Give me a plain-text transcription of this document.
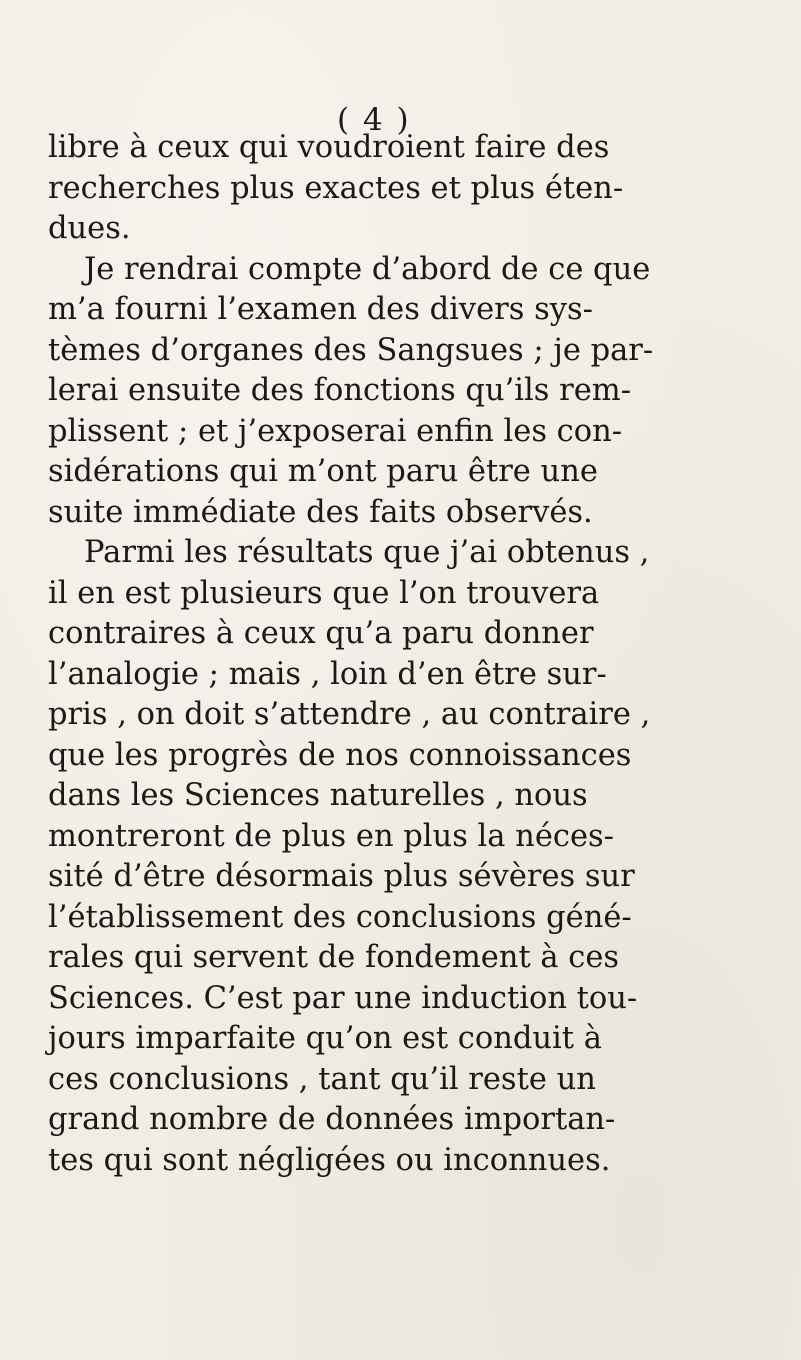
( 4 )
libre à ceux qui voudroient faire des
recherches plus exactes et plus éten-
dues.
Je rendrai compte d’abord de ce que
m’a fourni l’examen des divers sys-
tèmes d’organes des Sangsues ; je par-
lerai ensuite des fonctions qu’ils rem-
plissent ; et j’exposerai enfin les con-
sidérations qui m’ont paru être une
suite immédiate des faits observés.
Parmi les résultats que j’ai obtenus ,
il en est plusieurs que l’on trouvera
contraires à ceux qu’a paru donner
l’analogie ; mais , loin d’en être sur-
pris , on doit s’attendre , au contraire ,
que les progrès de nos connoissances
dans les Sciences naturelles , nous
montreront de plus en plus la néces-
sité d’être désormais plus sévères sur
l’établissement des conclusions géné-
rales qui servent de fondement à ces
Sciences. C’est par une induction tou-
jours imparfaite qu’on est conduit à
ces conclusions , tant qu’il reste un
grand nombre de données importan-
tes qui sont négligées ou inconnues.
